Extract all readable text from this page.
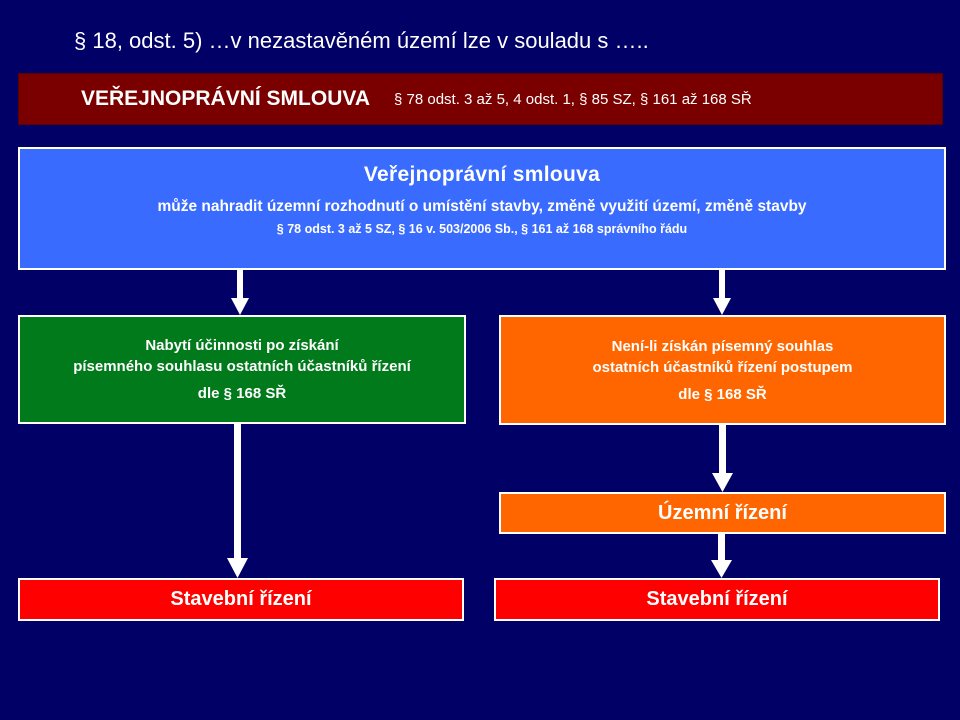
§ 18, odst. 5) …v nezastavěném území lze v souladu s …..
VEŘEJNOPRÁVNÍ SMLOUVA § 78 odst. 3 až 5, 4 odst. 1, § 85 SZ, § 161 až 168 SŘ
Veřejnoprávní smlouva
může nahradit územní rozhodnutí o umístění stavby, změně využití území, změně stavby
§ 78 odst. 3 až 5 SZ, § 16 v. 503/2006 Sb., § 161 až 168 správního řádu
Nabytí účinnosti po získání
písemného souhlasu ostatních účastníků řízení
dle § 168 SŘ
Není-li získán písemný souhlas
ostatních účastníků řízení postupem
dle § 168 SŘ
Územní řízení
Stavební řízení	Stavební řízení
